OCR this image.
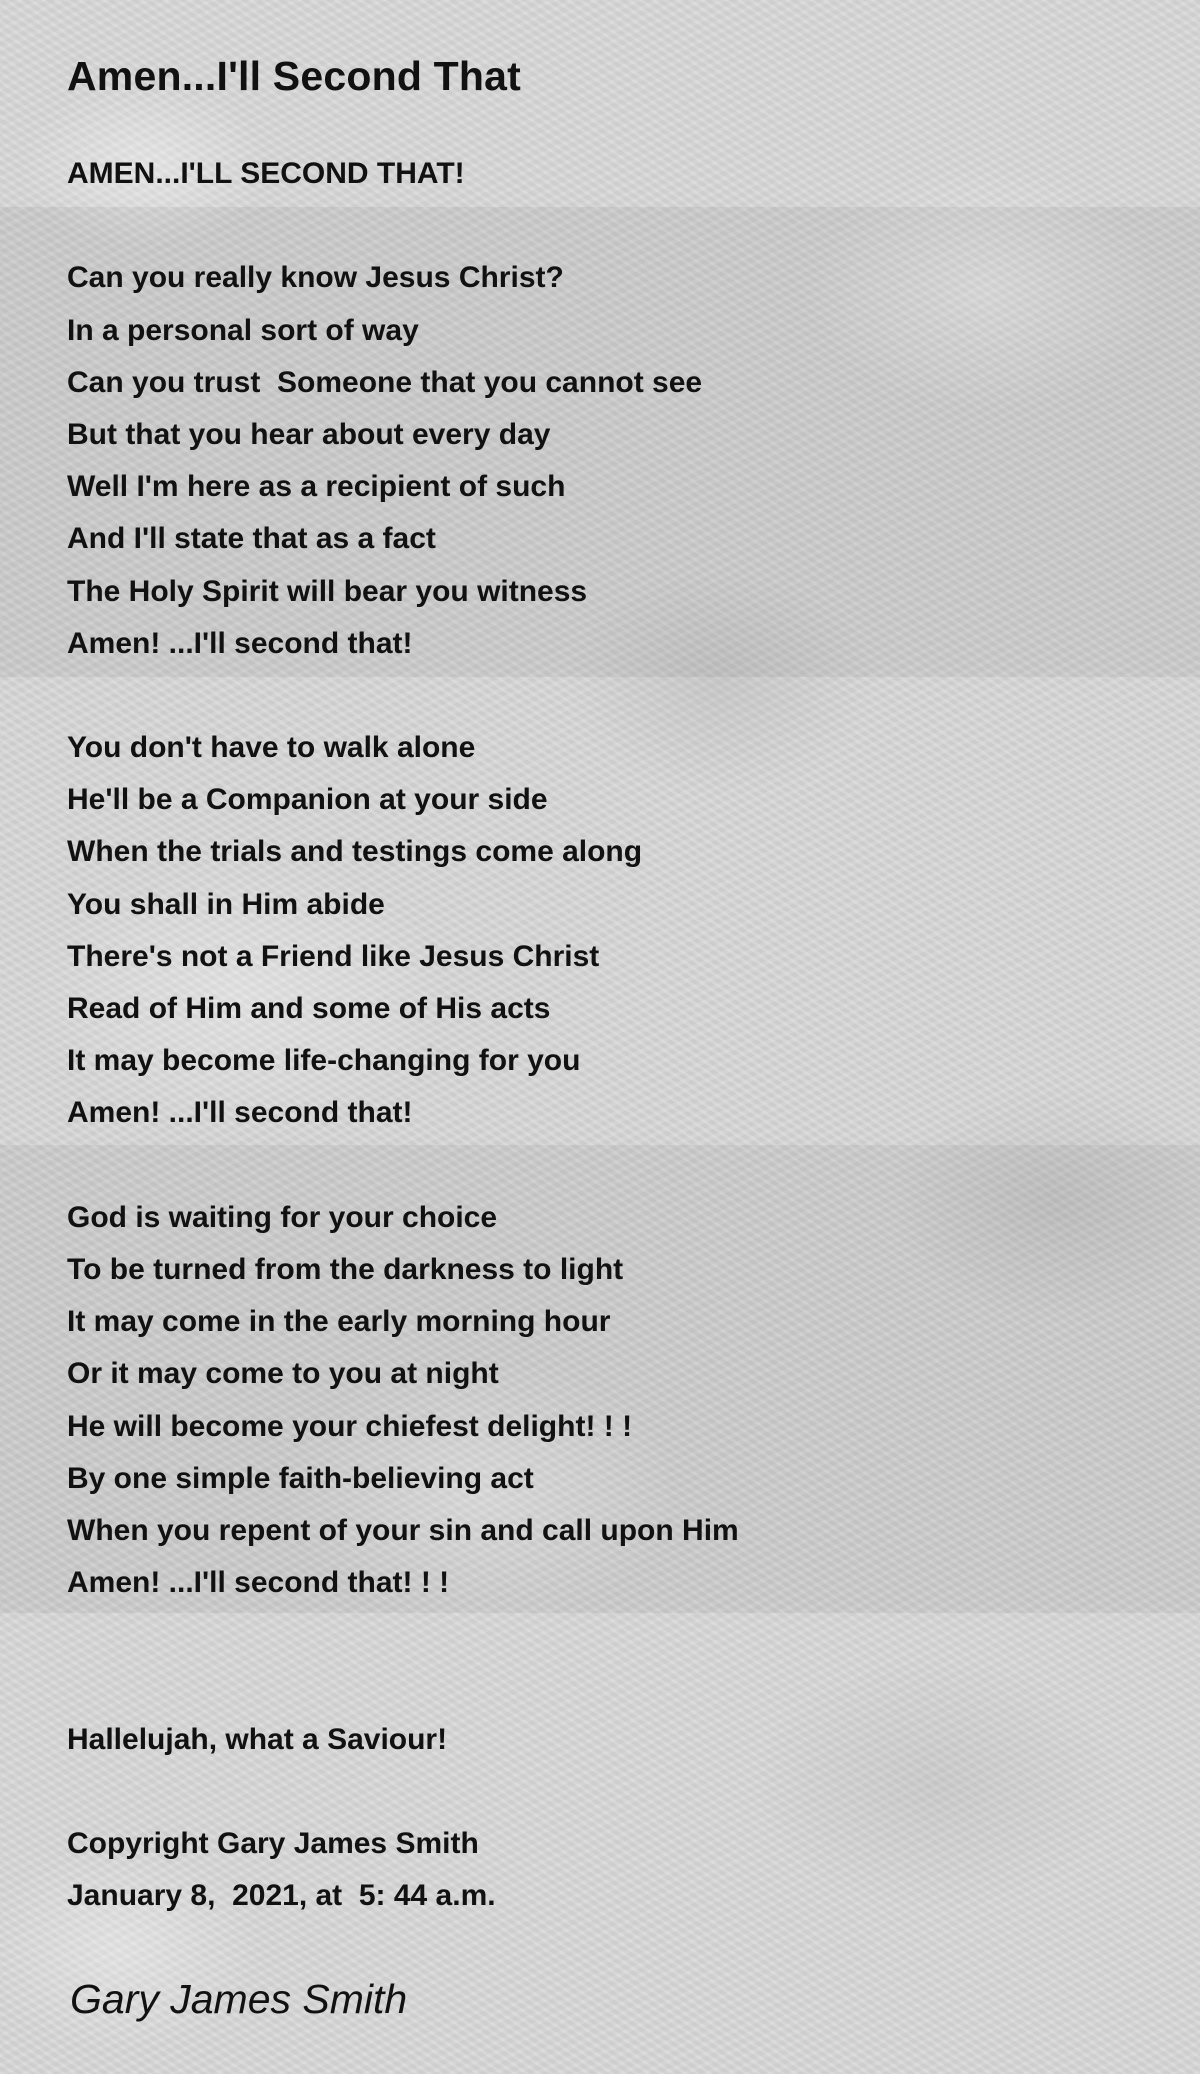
Amen...I'll Second That
AMEN...I'LL SECOND THAT!
Can you really know Jesus Christ?
In a personal sort of way
Can you trust  Someone that you cannot see
But that you hear about every day
Well I'm here as a recipient of such
And I'll state that as a fact
The Holy Spirit will bear you witness
Amen! ...I'll second that!
You don't have to walk alone
He'll be a Companion at your side
When the trials and testings come along
You shall in Him abide
There's not a Friend like Jesus Christ
Read of Him and some of His acts
It may become life-changing for you
Amen! ...I'll second that!
God is waiting for your choice
To be turned from the darkness to light
It may come in the early morning hour
Or it may come to you at night
He will become your chiefest delight! ! !
By one simple faith-believing act
When you repent of your sin and call upon Him
Amen! ...I'll second that! ! !
Hallelujah, what a Saviour!
Copyright Gary James Smith
January 8,  2021, at  5: 44 a.m.
Gary James Smith
